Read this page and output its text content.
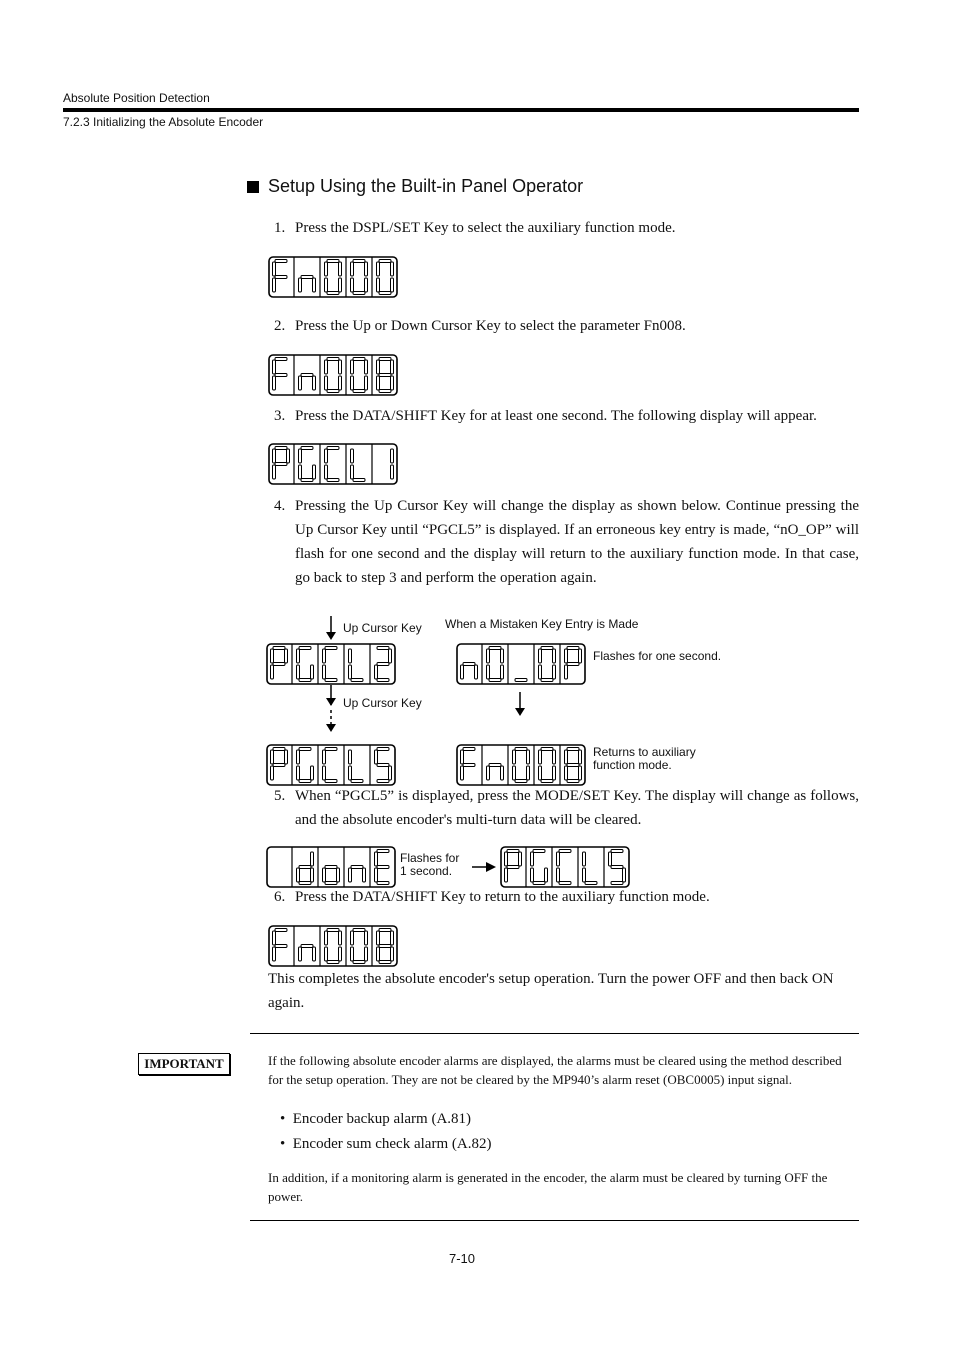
Absolute Position Detection
7.2.3 Initializing the Absolute Encoder
Setup Using the Built-in Panel Operator
1. Press the DSPL/SET Key to select the auxiliary function mode.
2. Press the Up or Down Cursor Key to select the parameter Fn008.
3. Press the DATA/SHIFT Key for at least one second. The following display will appear.
4. Pressing the Up Cursor Key will change the display as shown below. Continue pressing the Up Cursor Key until “PGCL5” is displayed. If an erroneous key entry is made, “nO_OP” will flash for one second and the display will return to the auxiliary function mode. In that case, go back to step 3 and perform the operation again.
Up Cursor Key When a Mistaken Key Entry is Made
Flashes for one second.
Up Cursor Key
Returns to auxiliary
function mode.
5. When “PGCL5” is displayed, press the MODE/SET Key. The display will change as follows, and the absolute encoder's multi-turn data will be cleared.
Flashes for
1 second.
6. Press the DATA/SHIFT Key to return to the auxiliary function mode.
This completes the absolute encoder's setup operation. Turn the power OFF and then back ON again.
IMPORTANT	If the following absolute encoder alarms are displayed, the alarms must be cleared using the method described for the setup operation. They are not be cleared by the MP940’s alarm reset (OBC0005) input signal.
•  Encoder backup alarm (A.81)
•  Encoder sum check alarm (A.82)
In addition, if a monitoring alarm is generated in the encoder, the alarm must be cleared by turning OFF the power.
7-10
